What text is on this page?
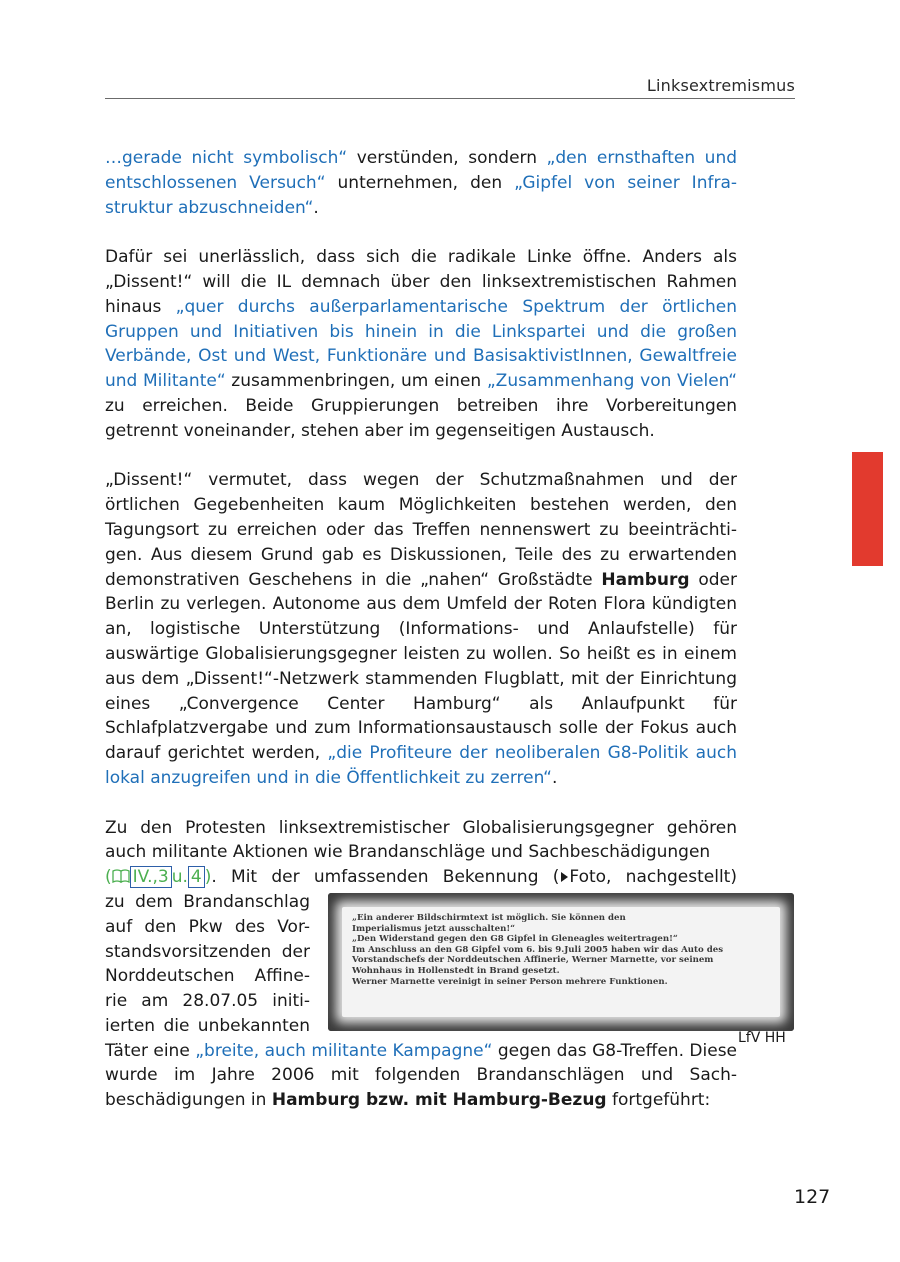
Linksextremismus

…gerade nicht symbolisch“ verstünden, sondern „den ernsthaften und entschlossenen Versuch“ unternehmen, den „Gipfel von seiner Infrastruktur abzuschneiden“.

Dafür sei unerlässlich, dass sich die radikale Linke öffne. Anders als „Dissent!“ will die IL demnach über den linksextremistischen Rahmen hinaus „quer durchs außerparlamentarische Spektrum der örtlichen Gruppen und Initiativen bis hinein in die Linkspartei und die großen Verbände, Ost und West, Funktionäre und BasisaktivistInnen, Gewaltfreie und Militante“ zusammenbringen, um einen „Zusammenhang von Vielen“ zu erreichen. Beide Gruppierungen betreiben ihre Vorbereitungen getrennt voneinander, stehen aber im gegenseitigen Austausch.

„Dissent!“ vermutet, dass wegen der Schutzmaßnahmen und der örtlichen Gegebenheiten kaum Möglichkeiten bestehen werden, den Tagungsort zu erreichen oder das Treffen nennenswert zu beeinträchtigen. Aus diesem Grund gab es Diskussionen, Teile des zu erwartenden demonstrativen Geschehens in die „nahen“ Großstädte Hamburg oder Berlin zu verlegen. Autonome aus dem Umfeld der Roten Flora kündigten an, logistische Unterstützung (Informations- und Anlaufstelle) für auswärtige Globalisierungsgegner leisten zu wollen. So heißt es in einem aus dem „Dissent!“-Netzwerk stammenden Flugblatt, mit der Einrichtung eines „Convergence Center Hamburg“ als Anlaufpunkt für Schlafplatzvergabe und zum Informationsaustausch solle der Fokus auch darauf gerichtet werden, „die Profiteure der neoliberalen G8-Politik auch lokal anzugreifen und in die Öffentlichkeit zu zerren“.

Zu den Protesten linksextremistischer Globalisierungsgegner gehören auch militante Aktionen wie Brandanschläge und Sachbeschädigungen

( IV.,3 u. 4 ). Mit der umfassenden Bekennung ( Foto, nachgestellt)
zu dem Brandanschlag
auf den Pkw des Vor-
standsvorsitzenden der
Norddeutschen Affine-
rie am 28.07.05 initi-
ierten die unbekannten
Täter eine „breite, auch militante Kampagne“ gegen das G8-Treffen. Diese wurde im Jahre 2006 mit folgenden Brandanschlägen und Sachbeschädigungen in Hamburg bzw. mit Hamburg-Bezug fortgeführt:
„Ein anderer Bildschirmtext ist möglich. Sie können den
Imperialismus jetzt ausschalten!“
„Den Widerstand gegen den G8 Gipfel in Gleneagles weitertragen!“
Im Anschluss an den G8 Gipfel vom 6. bis 9.Juli 2005 haben wir das Auto des
Vorstandschefs der Norddeutschen Affinerie, Werner Marnette, vor seinem
Wohnhaus in Hollenstedt in Brand gesetzt.
Werner Marnette vereinigt in seiner Person mehrere Funktionen.
LfV HH
127
